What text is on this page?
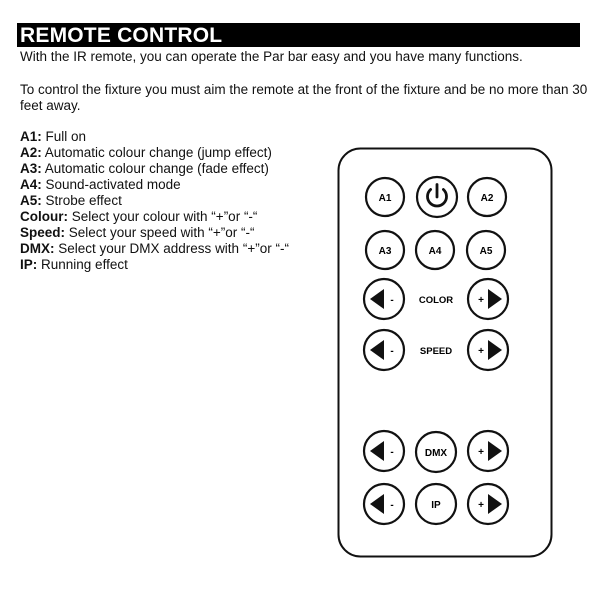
REMOTE CONTROL
With the IR remote, you can operate the Par bar easy and you have many functions.
To control the fixture you must aim the remote at the front of the fixture and be no more than 30 feet away.
A1: Full on
A2: Automatic colour change (jump effect)
A3: Automatic colour change (fade effect)
A4: Sound-activated mode
A5: Strobe effect
Colour: Select your colour with “+”or “-“
Speed: Select your speed with “+”or “-“
DMX: Select your DMX address with “+”or “-“
IP: Running effect
A1	A2
A3	A4	A5
-	COLOR +
-	SPEED	+
-	DMX	+
-	IP	+
